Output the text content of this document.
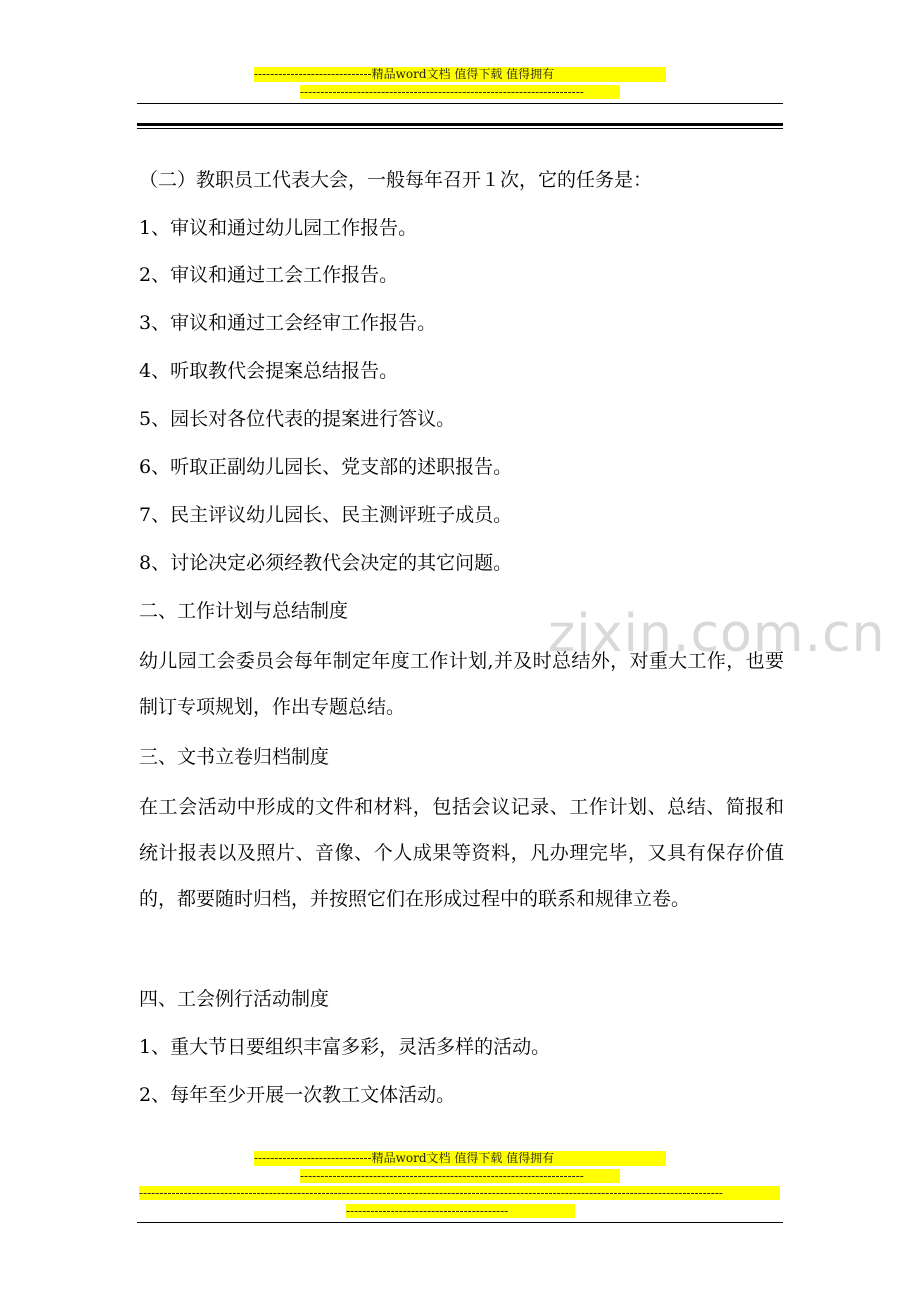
-----------------------------精品word文档 值得下载 值得拥有
----------------------------------------------------------------------
zixin.com.cn
（二）教职员工代表大会，一般每年召开１次，它的任务是：
1、审议和通过幼儿园工作报告。
2、审议和通过工会工作报告。
3、审议和通过工会经审工作报告。
4、听取教代会提案总结报告。
5、园长对各位代表的提案进行答议。
6、听取正副幼儿园长、党支部的述职报告。
7、民主评议幼儿园长、民主测评班子成员。
8、讨论决定必须经教代会决定的其它问题。
二、工作计划与总结制度
幼儿园工会委员会每年制定年度工作计划,并及时总结外，对重大工作，也要制订专项规划，作出专题总结。
三、文书立卷归档制度
在工会活动中形成的文件和材料，包括会议记录、工作计划、总结、简报和统计报表以及照片、音像、个人成果等资料，凡办理完毕，又具有保存价值的，都要随时归档，并按照它们在形成过程中的联系和规律立卷。
四、工会例行活动制度
1、重大节日要组织丰富多彩，灵活多样的活动。
2、每年至少开展一次教工文体活动。
-----------------------------精品word文档 值得下载 值得拥有
----------------------------------------------------------------------
------------------------------------------------------------------------------------------------------------------------------------------------
----------------------------------------
